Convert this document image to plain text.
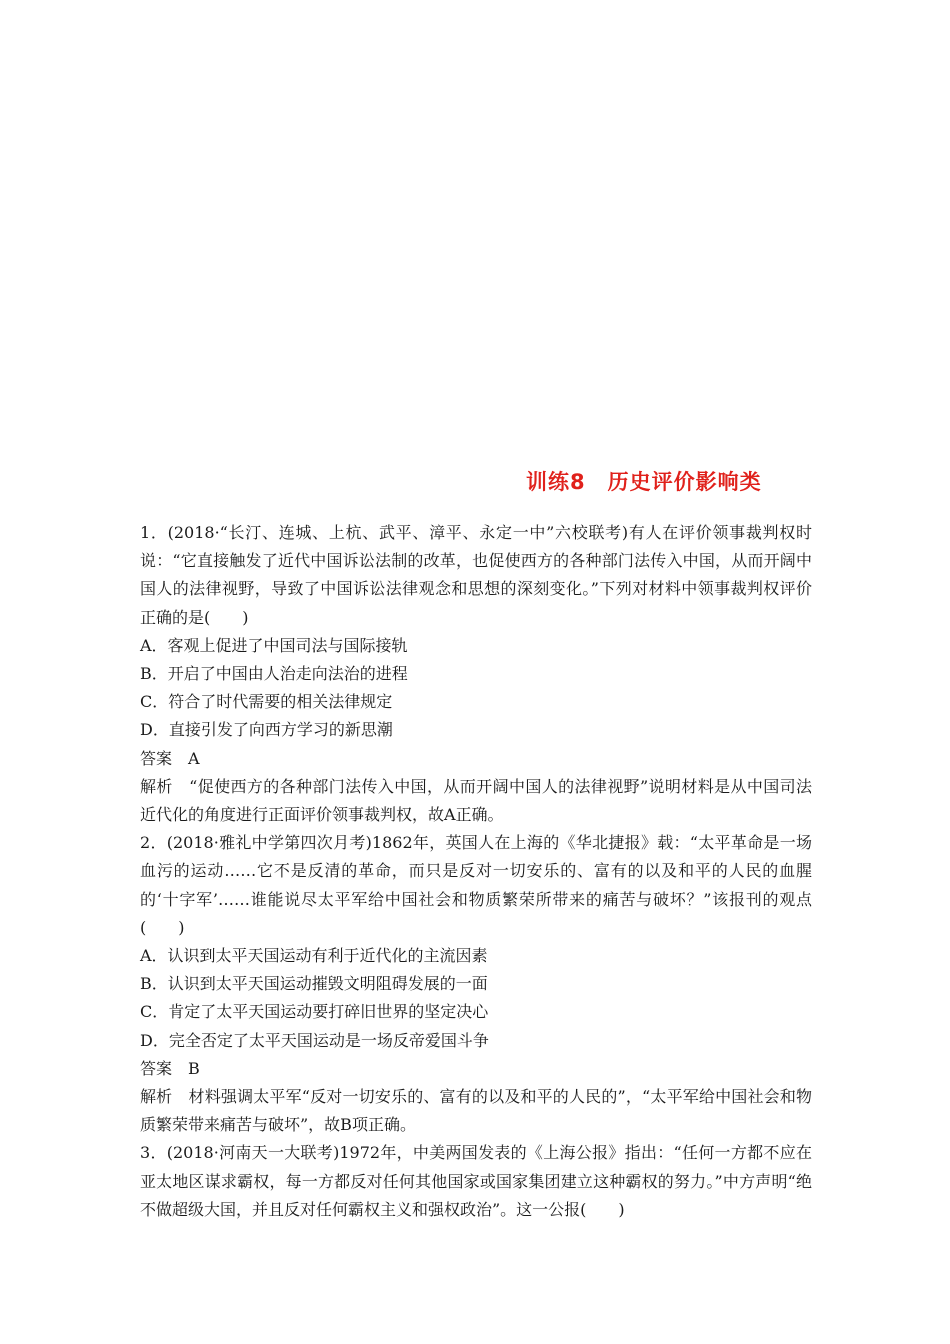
训练8　历史评价影响类

1．(2018·“长汀、连城、上杭、武平、漳平、永定一中”六校联考)有人在评价领事裁判权时说：“它直接触发了近代中国诉讼法制的改革，也促使西方的各种部门法传入中国，从而开阔中国人的法律视野，导致了中国诉讼法律观念和思想的深刻变化。”下列对材料中领事裁判权评价正确的是(　　)

A．客观上促进了中国司法与国际接轨

B．开启了中国由人治走向法治的进程

C．符合了时代需要的相关法律规定

D．直接引发了向西方学习的新思潮

答案　A

解析　“促使西方的各种部门法传入中国，从而开阔中国人的法律视野”说明材料是从中国司法近代化的角度进行正面评价领事裁判权，故A正确。

2．(2018·雅礼中学第四次月考)1862年，英国人在上海的《华北捷报》载：“太平革命是一场血污的运动……它不是反清的革命，而只是反对一切安乐的、富有的以及和平的人民的血腥的‘十字军’……谁能说尽太平军给中国社会和物质繁荣所带来的痛苦与破坏？”该报刊的观点(　　)

A．认识到太平天国运动有利于近代化的主流因素

B．认识到太平天国运动摧毁文明阻碍发展的一面

C．肯定了太平天国运动要打碎旧世界的坚定决心

D．完全否定了太平天国运动是一场反帝爱国斗争

答案　B

解析　材料强调太平军“反对一切安乐的、富有的以及和平的人民的”，“太平军给中国社会和物质繁荣带来痛苦与破坏”，故B项正确。

3．(2018·河南天一大联考)1972年，中美两国发表的《上海公报》指出：“任何一方都不应在亚太地区谋求霸权，每一方都反对任何其他国家或国家集团建立这种霸权的努力。”中方声明“绝不做超级大国，并且反对任何霸权主义和强权政治”。这一公报(　　)
